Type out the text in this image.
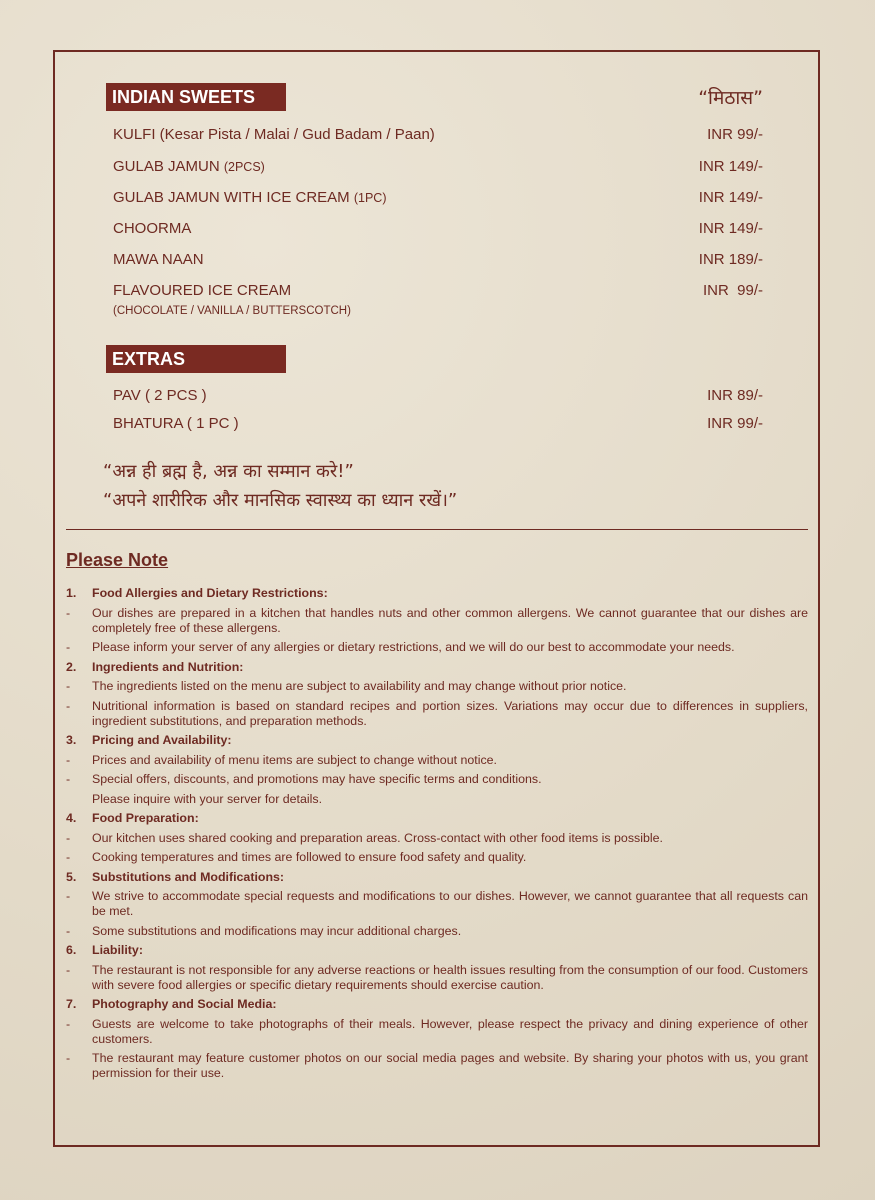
INDIAN SWEETS	“मिठास”
KULFI (Kesar Pista / Malai / Gud Badam / Paan)	INR 99/-
GULAB JAMUN (2PCS)	INR 149/-
GULAB JAMUN WITH ICE CREAM (1PC)	INR 149/-
CHOORMA	INR 149/-
MAWA NAAN	INR 189/-
FLAVOURED ICE CREAM	INR  99/-
(CHOCOLATE / VANILLA / BUTTERSCOTCH)
EXTRAS
PAV ( 2 PCS )	INR 89/-
BHATURA ( 1 PC )	INR 99/-
“अन्न ही ब्रह्म है, अन्न का सम्मान करे!”
“अपने शारीरिक और मानसिक स्वास्थ्य का ध्यान रखें।”
Please Note
1.	Food Allergies and Dietary Restrictions:
-	Our dishes are prepared in a kitchen that handles nuts and other common allergens. We cannot guarantee that our dishes are completely free of these allergens.
-	Please inform your server of any allergies or dietary restrictions, and we will do our best to accommodate your needs.
2.	Ingredients and Nutrition:
-	The ingredients listed on the menu are subject to availability and may change without prior notice.
-	Nutritional information is based on standard recipes and portion sizes. Variations may occur due to differences in suppliers, ingredient substitutions, and preparation methods.
3.	Pricing and Availability:
-	Prices and availability of menu items are subject to change without notice.
-	Special offers, discounts, and promotions may have specific terms and conditions.
Please inquire with your server for details.
4.	Food Preparation:
-	Our kitchen uses shared cooking and preparation areas. Cross-contact with other food items is possible.
-	Cooking temperatures and times are followed to ensure food safety and quality.
5.	Substitutions and Modifications:
-	We strive to accommodate special requests and modifications to our dishes. However, we cannot guarantee that all requests can be met.
-	Some substitutions and modifications may incur additional charges.
6.	Liability:
-	The restaurant is not responsible for any adverse reactions or health issues resulting from the consumption of our food. Customers with severe food allergies or specific dietary requirements should exercise caution.
7.	Photography and Social Media:
-	Guests are welcome to take photographs of their meals. However, please respect the privacy and dining experience of other customers.
-	The restaurant may feature customer photos on our social media pages and website. By sharing your photos with us, you grant permission for their use.
